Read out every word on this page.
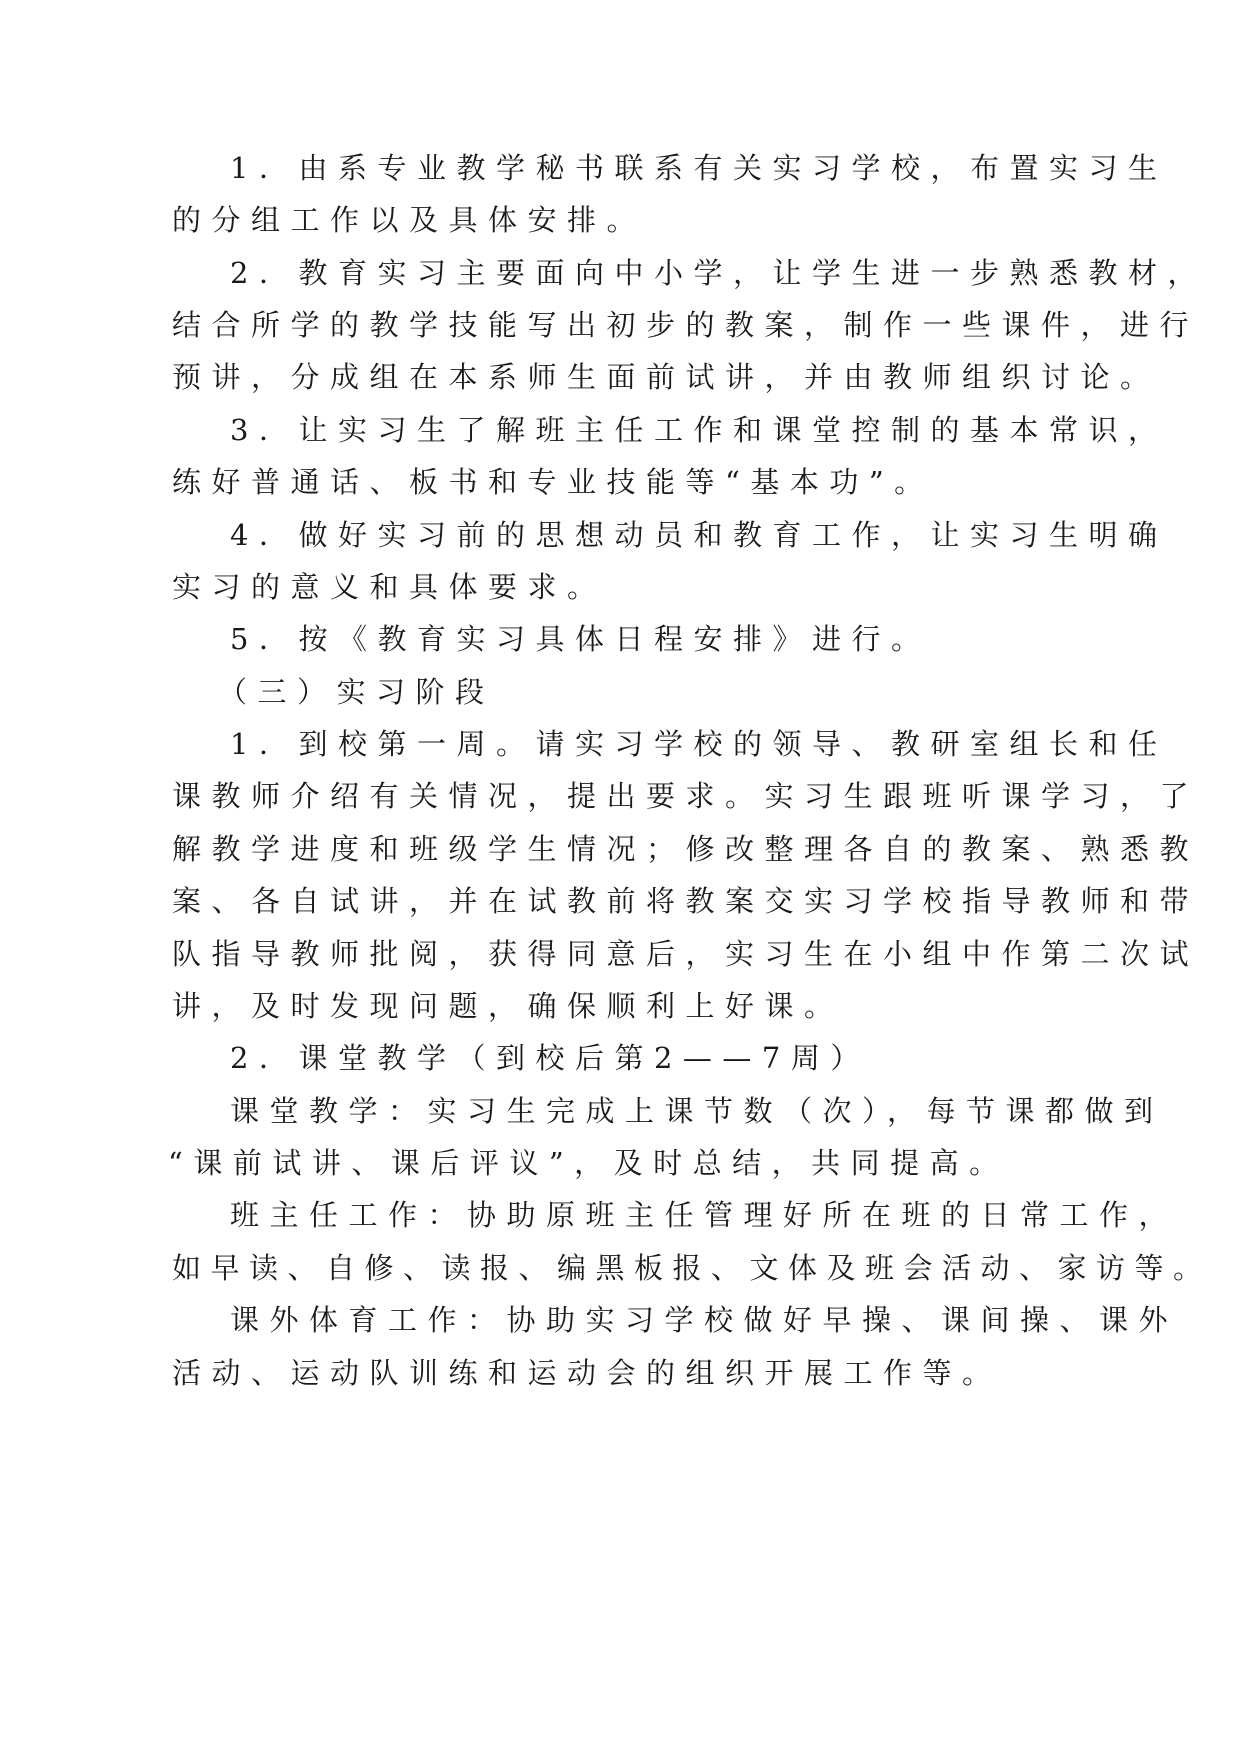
1．由系专业教学秘书联系有关实习学校，布置实习生
的分组工作以及具体安排。
2．教育实习主要面向中小学，让学生进一步熟悉教材，
结合所学的教学技能写出初步的教案，制作一些课件，进行
预讲，分成组在本系师生面前试讲，并由教师组织讨论。
3．让实习生了解班主任工作和课堂控制的基本常识，
练好普通话、板书和专业技能等“基本功”。
4．做好实习前的思想动员和教育工作，让实习生明确
实习的意义和具体要求。
5．按《教育实习具体日程安排》进行。
（三）实习阶段
1．到校第一周。请实习学校的领导、教研室组长和任
课教师介绍有关情况，提出要求。实习生跟班听课学习，了
解教学进度和班级学生情况；修改整理各自的教案、熟悉教
案、各自试讲，并在试教前将教案交实习学校指导教师和带
队指导教师批阅，获得同意后，实习生在小组中作第二次试
讲，及时发现问题，确保顺利上好课。
2．课堂教学（到校后第2——7周）
课堂教学：实习生完成上课节数（次），每节课都做到
“课前试讲、课后评议”，及时总结，共同提高。
班主任工作：协助原班主任管理好所在班的日常工作，
如早读、自修、读报、编黑板报、文体及班会活动、家访等。
课外体育工作：协助实习学校做好早操、课间操、课外
活动、运动队训练和运动会的组织开展工作等。
